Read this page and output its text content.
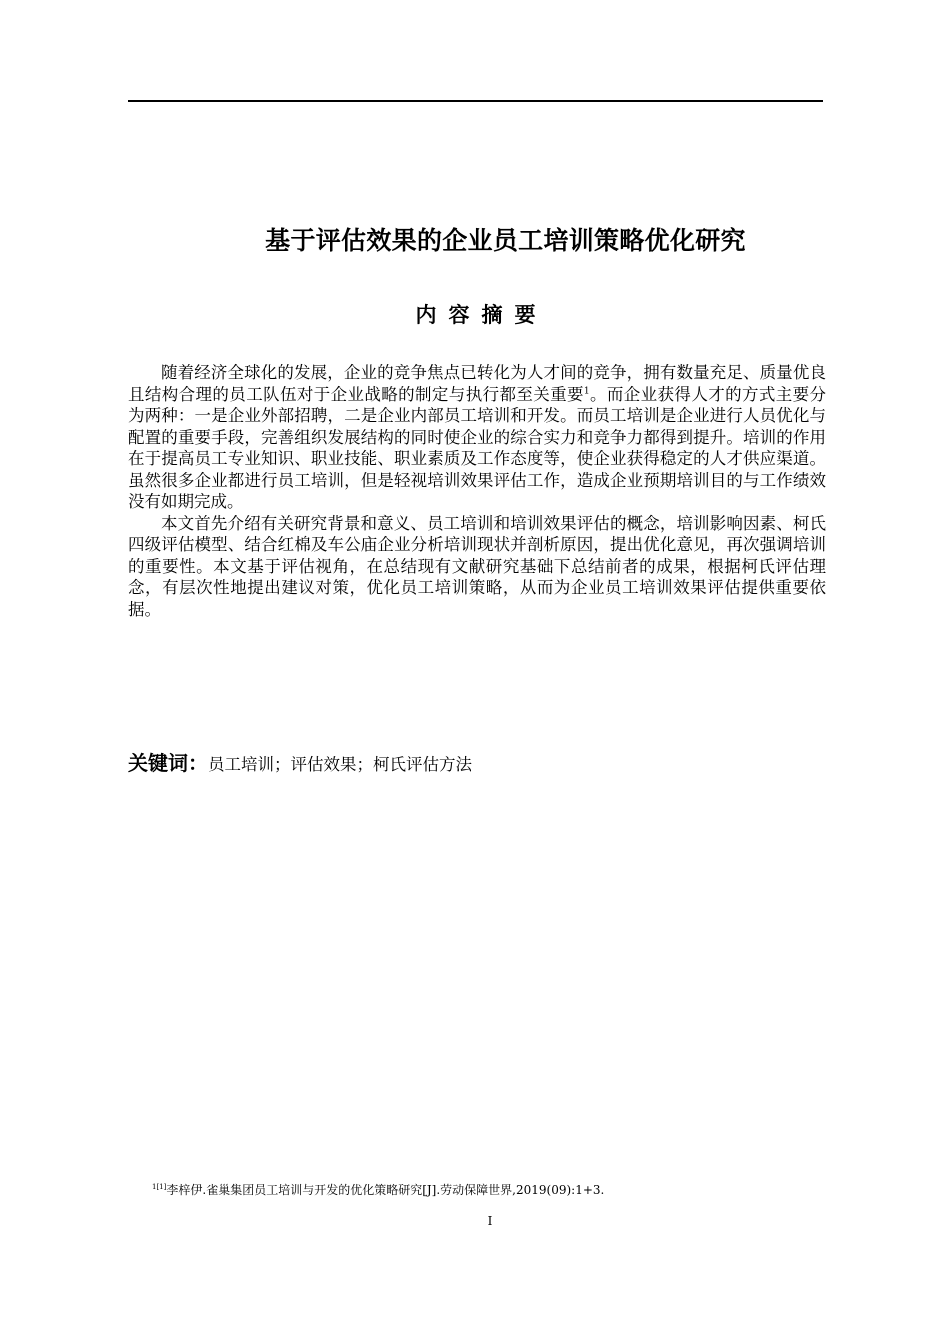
基于评估效果的企业员工培训策略优化研究
内 容 摘 要

随着经济全球化的发展，企业的竞争焦点已转化为人才间的竞争，拥有数量充足、质量优良且结构合理的员工队伍对于企业战略的制定与执行都至关重要$^1$。而企业获得人才的方式主要分为两种：一是企业外部招聘，二是企业内部员工培训和开发。而员工培训是企业进行人员优化与配置的重要手段，完善组织发展结构的同时使企业的综合实力和竞争力都得到提升。培训的作用在于提高员工专业知识、职业技能、职业素质及工作态度等，使企业获得稳定的人才供应渠道。虽然很多企业都进行员工培训，但是轻视培训效果评估工作，造成企业预期培训目的与工作绩效没有如期完成。

本文首先介绍有关研究背景和意义、员工培训和培训效果评估的概念，培训影响因素、柯氏四级评估模型、结合红棉及车公庙企业分析培训现状并剖析原因，提出优化意见，再次强调培训的重要性。本文基于评估视角，在总结现有文献研究基础下总结前者的成果，根据柯氏评估理念，有层次性地提出建议对策，优化员工培训策略，从而为企业员工培训效果评估提供重要依据。

关键词：员工培训；评估效果；柯氏评估方法
$^{1[1]}$李梓伊.雀巢集团员工培训与开发的优化策略研究[J].劳动保障世界,2019(09):1+3.
I
